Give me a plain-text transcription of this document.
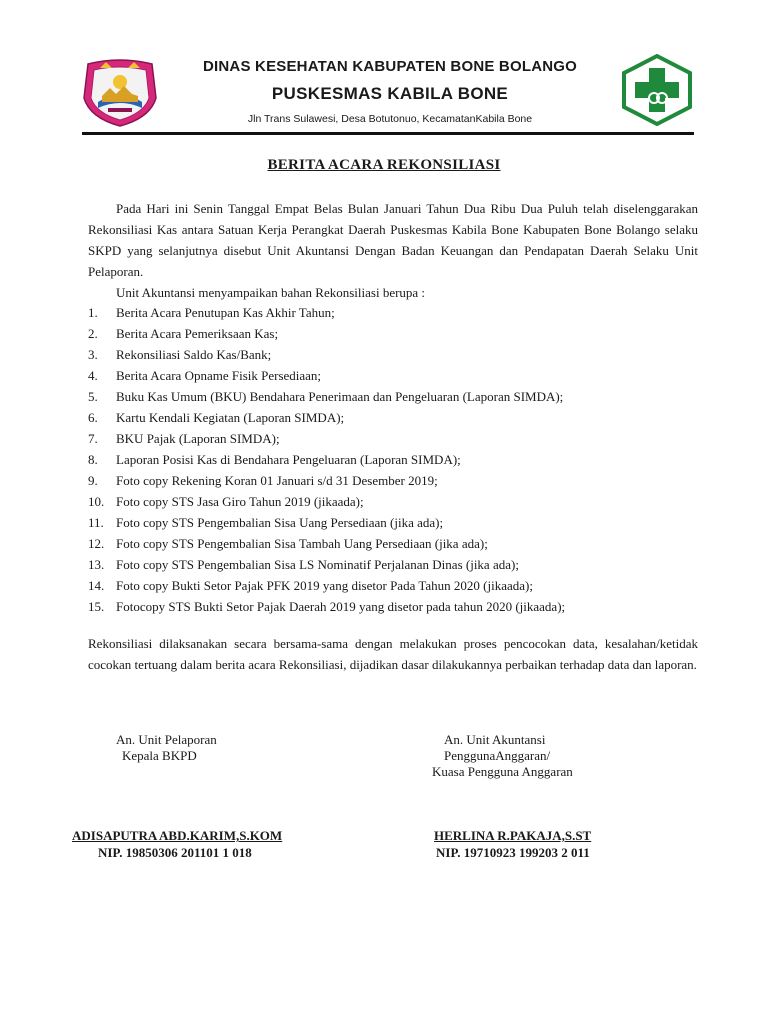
DINAS KESEHATAN KABUPATEN BONE BOLANGO
PUSKESMAS KABILA BONE
Jln Trans Sulawesi, Desa Botutonuo, KecamatanKabila Bone
BERITA ACARA REKONSILIASI
Pada Hari ini Senin Tanggal Empat Belas Bulan Januari Tahun Dua Ribu Dua Puluh telah diselenggarakan Rekonsiliasi Kas antara Satuan Kerja Perangkat Daerah Puskesmas Kabila Bone Kabupaten Bone Bolango selaku SKPD yang selanjutnya disebut Unit Akuntansi Dengan Badan Keuangan dan Pendapatan Daerah Selaku Unit Pelaporan.
Unit Akuntansi menyampaikan bahan Rekonsiliasi berupa :
1. Berita Acara Penutupan Kas Akhir Tahun;
2. Berita Acara Pemeriksaan Kas;
3. Rekonsiliasi Saldo Kas/Bank;
4. Berita Acara Opname Fisik Persediaan;
5. Buku Kas Umum (BKU) Bendahara Penerimaan dan Pengeluaran (Laporan SIMDA);
6. Kartu Kendali Kegiatan (Laporan SIMDA);
7. BKU Pajak (Laporan SIMDA);
8. Laporan Posisi Kas di Bendahara Pengeluaran (Laporan SIMDA);
9. Foto copy Rekening Koran 01 Januari s/d 31 Desember 2019;
10. Foto copy STS Jasa Giro Tahun 2019 (jikaada);
11. Foto copy STS Pengembalian Sisa Uang Persediaan (jika ada);
12. Foto copy STS Pengembalian Sisa Tambah Uang Persediaan (jika ada);
13. Foto copy STS Pengembalian Sisa LS Nominatif Perjalanan Dinas (jika ada);
14. Foto copy Bukti Setor Pajak PFK 2019 yang disetor Pada Tahun 2020 (jikaada);
15. Fotocopy STS Bukti Setor Pajak Daerah 2019 yang disetor pada tahun 2020 (jikaada);
Rekonsiliasi dilaksanakan secara bersama-sama dengan melakukan proses pencocokan data, kesalahan/ketidak cocokan tertuang dalam berita acara Rekonsiliasi, dijadikan dasar dilakukannya perbaikan terhadap data dan laporan.
An. Unit Pelaporan
Kepala BKPD
ADISAPUTRA ABD.KARIM,S.KOM
NIP. 19850306 201101 1 018
An. Unit Akuntansi
PenggunaAnggaran/
Kuasa Pengguna Anggaran
HERLINA R.PAKAJA,S.ST
NIP. 19710923 199203 2 011
